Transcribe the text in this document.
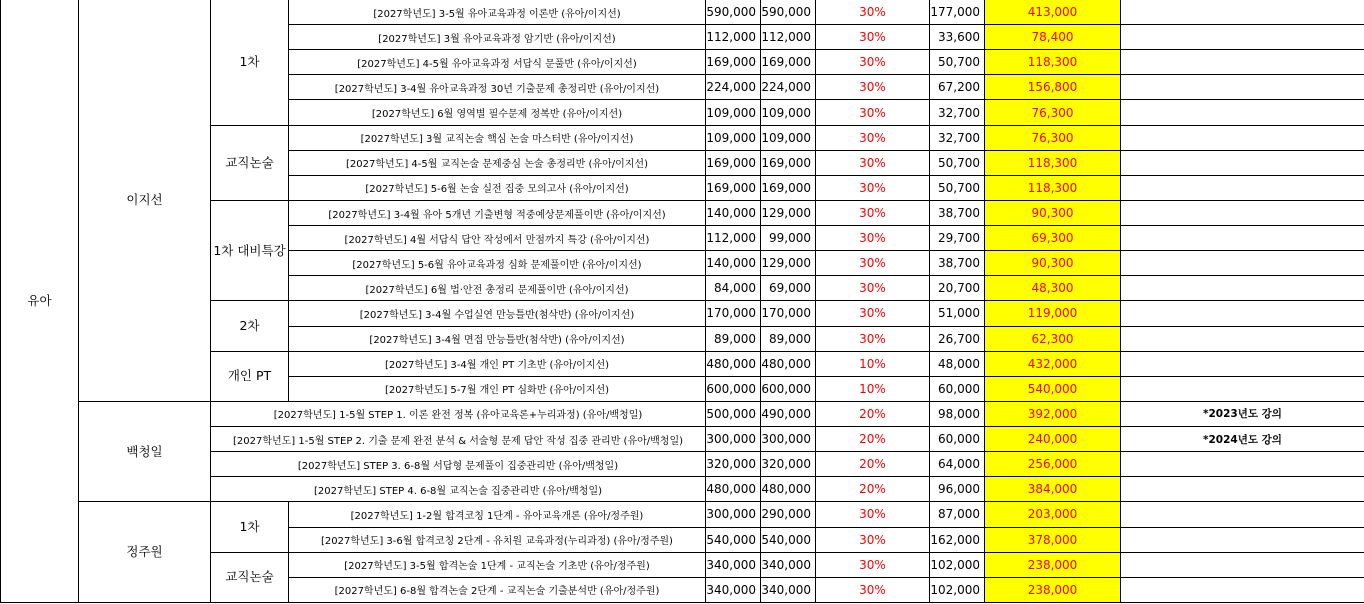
유아
이지선
1차
[2027학년도] 3-5월 유아교육과정 이론반 (유아/이지선)	590,000 590,000	30%	177,000	413,000
[2027학년도] 3월 유아교육과정 암기반 (유아/이지선)	112,000 112,000	30%	33,600	78,400
[2027학년도] 4-5월 유아교육과정 서답식 문풀반 (유아/이지선)	169,000 169,000	30%	50,700	118,300
[2027학년도] 3-4월 유아교육과정 30년 기출문제 총정리반 (유아/이지선)	224,000 224,000	30%	67,200	156,800
[2027학년도] 6월 영역별 필수문제 정복반 (유아/이지선)	109,000 109,000	30%	32,700	76,300
교직논술
[2027학년도] 3월 교직논술 핵심 논술 마스터반 (유아/이지선)	109,000 109,000	30%	32,700	76,300
[2027학년도] 4-5월 교직논술 문제중심 논술 총정리반 (유아/이지선)	169,000 169,000	30%	50,700	118,300
[2027학년도] 5-6월 논술 실전 집중 모의고사 (유아/이지선)	169,000 169,000	30%	50,700	118,300
1차 대비 특강
[2027학년도] 3-4월 유아 5개년 기출변형 적중예상문제풀이반 (유아/이지선)	140,000 129,000	30%	38,700	90,300
[2027학년도] 4월 서답식 답안 작성에서 만점까지 특강 (유아/이지선)	112,000	99,000	30%	29,700	69,300
[2027학년도] 5-6월 유아교육과정 심화 문제풀이반 (유아/이지선)	140,000 129,000	30%	38,700	90,300
[2027학년도] 6월 법·안전 총정리 문제풀이반 (유아/이지선)	84,000	69,000	30%	20,700	48,300
2차
[2027학년도] 3-4월 수업실연 만능틀반(첨삭반) (유아/이지선)	170,000 170,000	30%	51,000	119,000
[2027학년도] 3-4월 면접 만능틀반(첨삭반) (유아/이지선)	89,000	89,000	30%	26,700	62,300
개인 PT
[2027학년도] 3-4월 개인 PT 기초반 (유아/이지선)	480,000 480,000	10%	48,000	432,000
[2027학년도] 5-7월 개인 PT 심화반 (유아/이지선)	600,000 600,000	10%	60,000	540,000
백청일
[2027학년도] 1-5월 STEP 1. 이론 완전 정복 (유아교육론+누리과정) (유아/백청일)	500,000 490,000	20%	98,000	392,000	*2023년도 강의
[2027학년도] 1-5월 STEP 2. 기출 문제 완전 분석 & 서술형 문제 답안 작성 집중 관리반 (유아/백청일)	300,000 300,000	20%	60,000	240,000	*2024년도 강의
[2027학년도] STEP 3. 6-8월 서답형 문제풀이 집중관리반 (유아/백청일)	320,000 320,000	20%	64,000	256,000
[2027학년도] STEP 4. 6-8월 교직논술 집중관리반 (유아/백청일)	480,000 480,000	20%	96,000	384,000
정주원
1차
[2027학년도] 1-2월 합격코칭 1단계 - 유아교육개론 (유아/정주원)	300,000 290,000	30%	87,000	203,000
[2027학년도] 3-6월 합격코칭 2단계 - 유치원 교육과정(누리과정) (유아/정주원)	540,000 540,000	30%	162,000	378,000
교직논술
[2027학년도] 3-5월 합격논술 1단계 - 교직논술 기초반 (유아/정주원)	340,000 340,000	30%	102,000	238,000
[2027학년도] 6-8월 합격논술 2단계 - 교직논술 기출분석반 (유아/정주원)	340,000 340,000	30%	102,000	238,000
